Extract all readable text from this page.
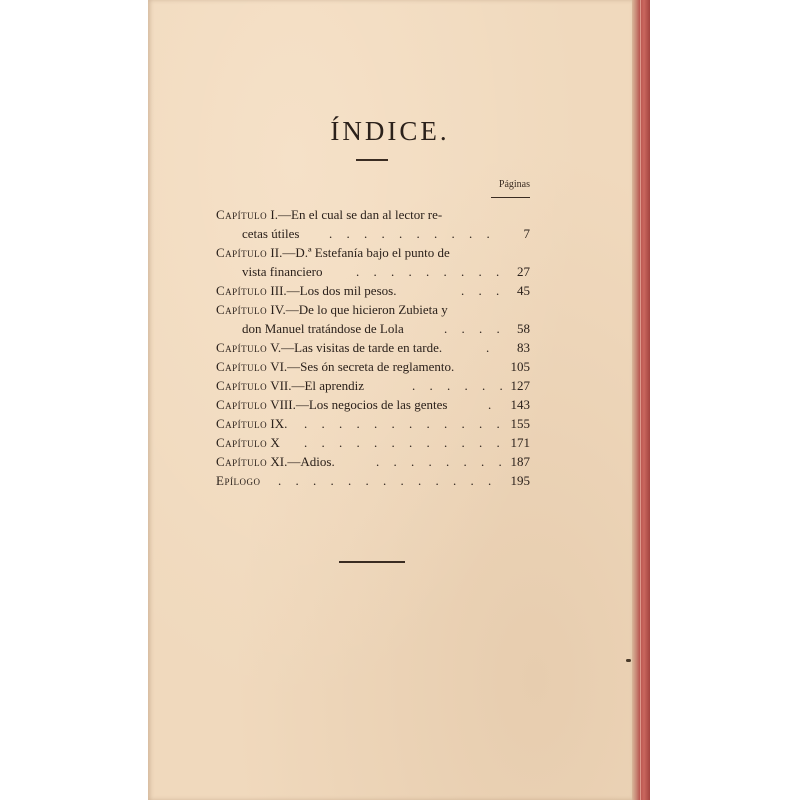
ÍNDICE.
Páginas
Capítulo I.—En el cual se dan al lector re-
cetas útiles . . . . . . . . . . 7
Capítulo II.—D.ª Estefanía bajo el punto de
vista financiero	. . . . . . . . . 27
Capítulo III.—Los dos mil pesos.	. . . 45
Capítulo IV.—De lo que hicieron Zubieta y
don Manuel tratándose de Lola	. . . . 58
Capítulo V.—Las visitas de tarde en tarde.	. 83
Capítulo VI.—Ses ón secreta de reglamento.	105
Capítulo VII.—El aprendiz	. . . . . . 127
Capítulo VIII.—Los negocios de las gentes	. 143
Capítulo IX. . . . . . . . . . . . . 155
Capítulo X . . . . . . . . . . . . 171
Capítulo XI.—Adios.	. . . . . . . . 187
Epílogo . . . . . . . . . . . . . 195
